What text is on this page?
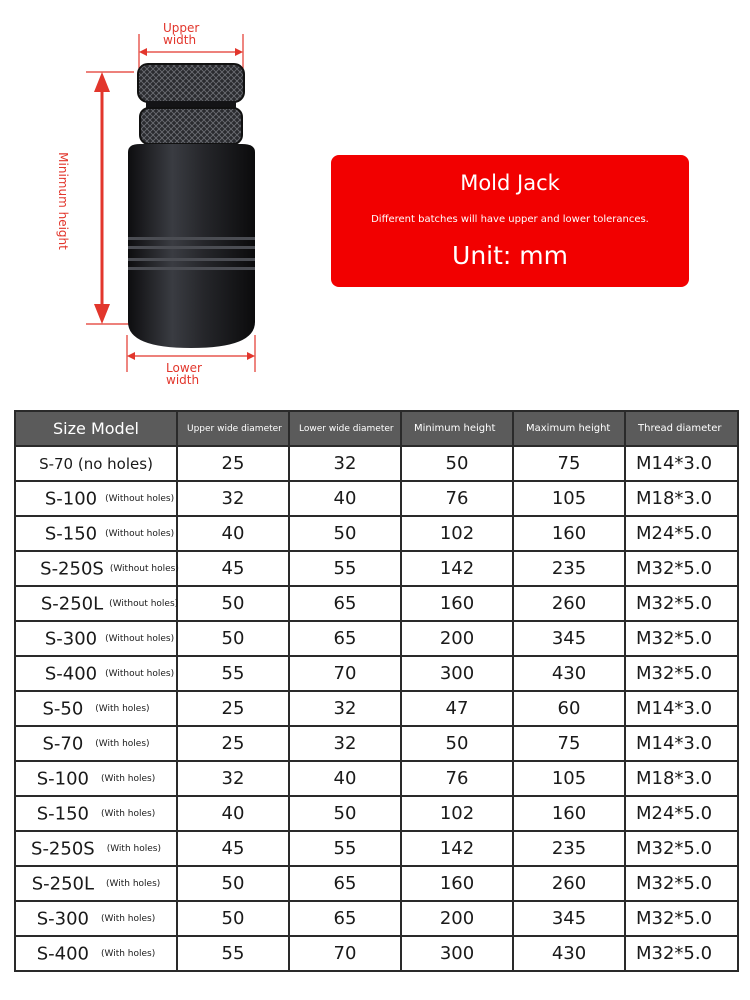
Upper width
Lower width
Minimum height	Mold Jack
Different batches will have upper and lower tolerances.
Unit: mm
Size Model	Upper wide diameter	Lower wide diameter	Minimum height	Maximum height	Thread diameter
S-70 (no holes)	25	32	50	75	M14*3.0
S-100 (Without holes)	32	40	76	105	M18*3.0
S-150 (Without holes)	40	50	102	160	M24*5.0
S-250S (Without holes)	45	55	142	235	M32*5.0
S-250L (Without holes)	50	65	160	260	M32*5.0
S-300 (Without holes)	50	65	200	345	M32*5.0
S-400 (Without holes)	55	70	300	430	M32*5.0
S-50 (With holes)	25	32	47	60	M14*3.0
S-70 (With holes)	25	32	50	75	M14*3.0
S-100 (With holes)	32	40	76	105	M18*3.0
S-150 (With holes)	40	50	102	160	M24*5.0
S-250S (With holes)	45	55	142	235	M32*5.0
S-250L (With holes)	50	65	160	260	M32*5.0
S-300 (With holes)	50	65	200	345	M32*5.0
S-400 (With holes)	55	70	300	430	M32*5.0
